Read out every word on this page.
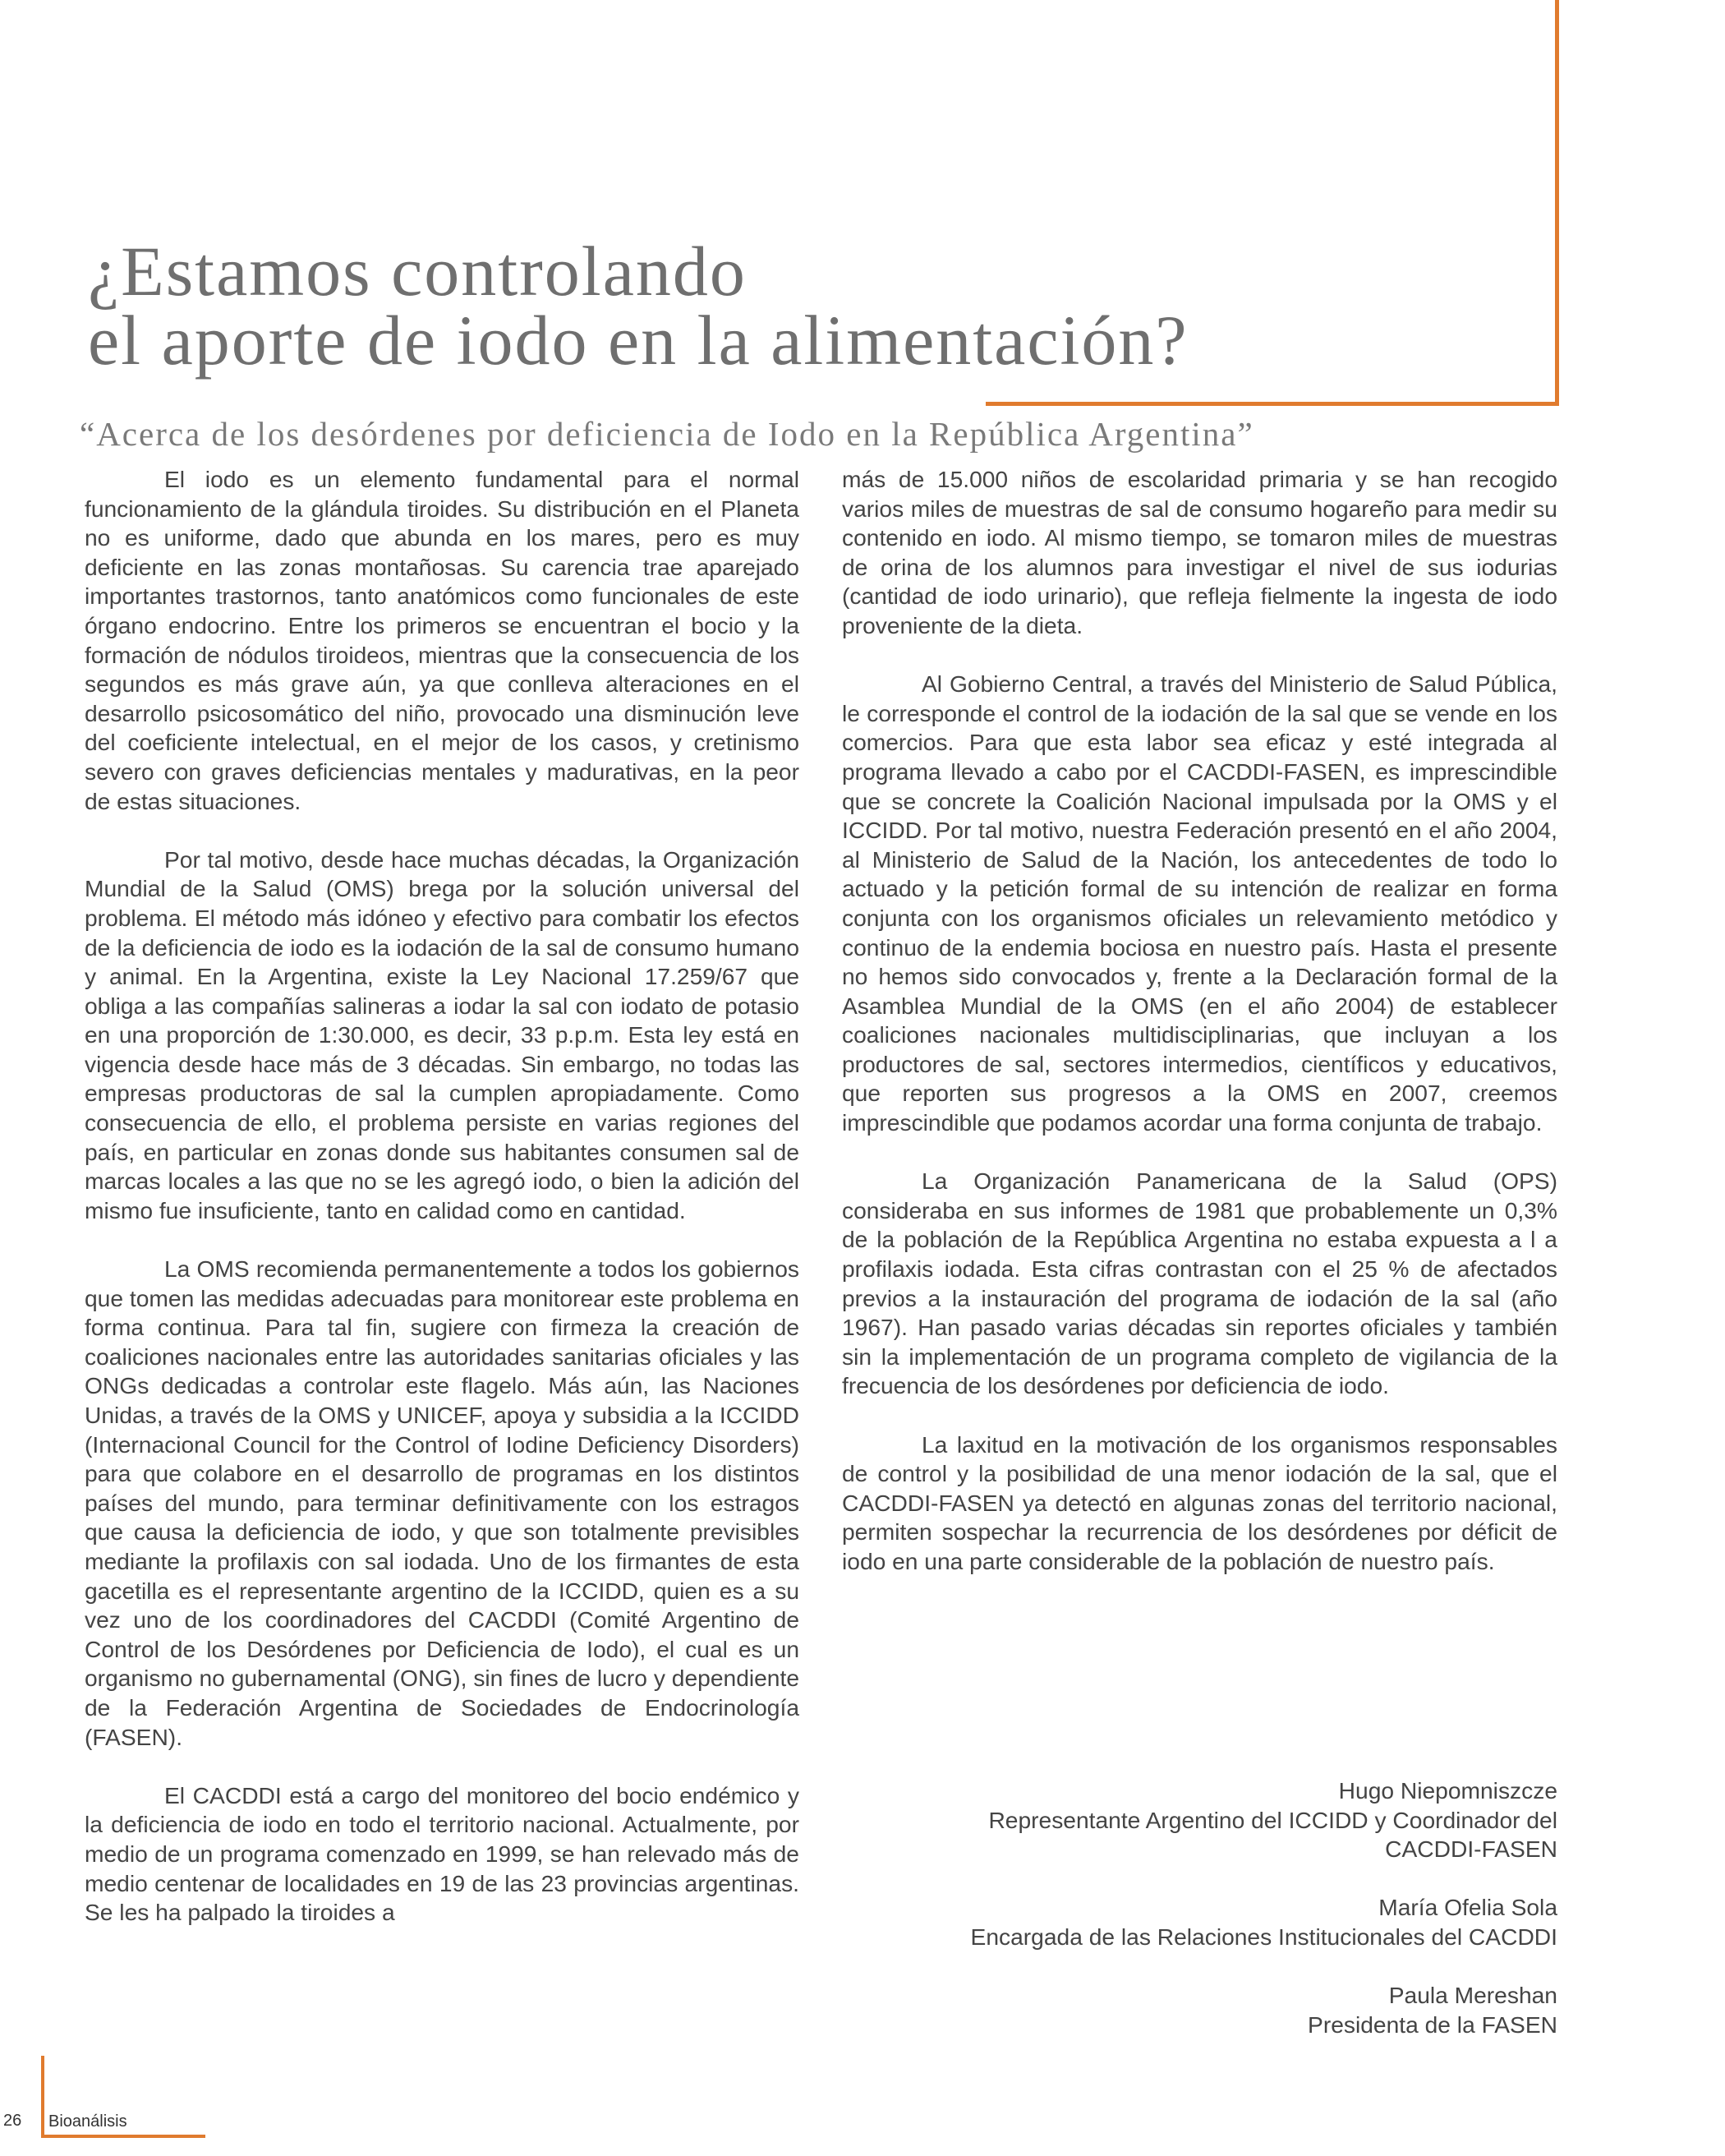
¿Estamos controlando
el aporte de iodo en la alimentación?
“Acerca de los desórdenes por deficiencia de Iodo en la República Argentina”

El iodo es un elemento fundamental para el normal funcionamiento de la glándula tiroides. Su distribución en el Planeta no es uniforme, dado que abunda en los mares, pero es muy deficiente en las zonas montañosas. Su carencia trae aparejado importantes trastornos, tanto anatómicos como funcionales de este órgano endocrino. Entre los primeros se encuentran el bocio y la formación de nódulos tiroideos, mientras que la consecuencia de los segundos es más grave aún, ya que conlleva alteraciones en el desarrollo psicosomático del niño, provocado una disminución leve del coeficiente intelectual, en el mejor de los casos, y cretinismo severo con graves deficiencias mentales y madurativas, en la peor de estas situaciones.

Por tal motivo, desde hace muchas décadas, la Organización Mundial de la Salud (OMS) brega por la solución universal del problema. El método más idóneo y efectivo para combatir los efectos de la deficiencia de iodo es la iodación de la sal de consumo humano y animal. En la Argentina, existe la Ley Nacional 17.259/67 que obliga a las compañías salineras a iodar la sal con iodato de potasio en una proporción de 1:30.000, es decir, 33 p.p.m. Esta ley está en vigencia desde hace más de 3 décadas. Sin embargo, no todas las empresas productoras de sal la cumplen apropiadamente. Como consecuencia de ello, el problema persiste en varias regiones del país, en particular en zonas donde sus habitantes consumen sal de marcas locales a las que no se les agregó iodo, o bien la adición del mismo fue insuficiente, tanto en calidad como en cantidad.

La OMS recomienda permanentemente a todos los gobiernos que tomen las medidas adecuadas para monitorear este problema en forma continua. Para tal fin, sugiere con firmeza la creación de coaliciones nacionales entre las autoridades sanitarias oficiales y las ONGs dedicadas a controlar este flagelo. Más aún, las Naciones Unidas, a través de la OMS y UNICEF, apoya y subsidia a la ICCIDD (Internacional Council for the Control of Iodine Deficiency Disorders) para que colabore en el desarrollo de programas en los distintos países del mundo, para terminar definitivamente con los estragos que causa la deficiencia de iodo, y que son totalmente previsibles mediante la profilaxis con sal iodada. Uno de los firmantes de esta gacetilla es el representante argentino de la ICCIDD, quien es a su vez uno de los coordinadores del CACDDI (Comité Argentino de Control de los Desórdenes por Deficiencia de Iodo), el cual es un organismo no gubernamental (ONG), sin fines de lucro y dependiente de la Federación Argentina de Sociedades de Endocrinología (FASEN).

El CACDDI está a cargo del monitoreo del bocio endémico y la deficiencia de iodo en todo el territorio nacional. Actualmente, por medio de un programa comenzado en 1999, se han relevado más de medio centenar de localidades en 19 de las 23 provincias argentinas. Se les ha palpado la tiroides a

más de 15.000 niños de escolaridad primaria y se han recogido varios miles de muestras de sal de consumo hogareño para medir su contenido en iodo. Al mismo tiempo, se tomaron miles de muestras de orina de los alumnos para investigar el nivel de sus iodurias (cantidad de iodo urinario), que refleja fielmente la ingesta de iodo proveniente de la dieta.

Al Gobierno Central, a través del Ministerio de Salud Pública, le corresponde el control de la iodación de la sal que se vende en los comercios. Para que esta labor sea eficaz y esté integrada al programa llevado a cabo por el CACDDI-FASEN, es imprescindible que se concrete la Coalición Nacional impulsada por la OMS y el ICCIDD. Por tal motivo, nuestra Federación presentó en el año 2004, al Ministerio de Salud de la Nación, los antecedentes de todo lo actuado y la petición formal de su intención de realizar en forma conjunta con los organismos oficiales un relevamiento metódico y continuo de la endemia bociosa en nuestro país. Hasta el presente no hemos sido convocados y, frente a la Declaración formal de la Asamblea Mundial de la OMS (en el año 2004) de establecer coaliciones nacionales multidisciplinarias, que incluyan a los productores de sal, sectores intermedios, científicos y educativos, que reporten sus progresos a la OMS en 2007, creemos imprescindible que podamos acordar una forma conjunta de trabajo.

La Organización Panamericana de la Salud (OPS) consideraba en sus informes de 1981 que probablemente un 0,3% de la población de la República Argentina no estaba expuesta a l a profilaxis iodada. Esta cifras contrastan con el 25 % de afectados previos a la instauración del programa de iodación de la sal (año 1967). Han pasado varias décadas sin reportes oficiales y también sin la implementación de un programa completo de vigilancia de la frecuencia de los desórdenes por deficiencia de iodo.

La laxitud en la motivación de los organismos responsables de control y la posibilidad de una menor iodación de la sal, que el CACDDI-FASEN ya detectó en algunas zonas del territorio nacional, permiten sospechar la recurrencia de los desórdenes por déficit de iodo en una parte considerable de la población de nuestro país.

Hugo Niepomniszcze
Representante Argentino del ICCIDD y Coordinador del
CACDDI-FASEN
María Ofelia Sola
Encargada de las Relaciones Institucionales del CACDDI
Paula Mereshan
Presidenta de la FASEN
26 Bioanálisis
